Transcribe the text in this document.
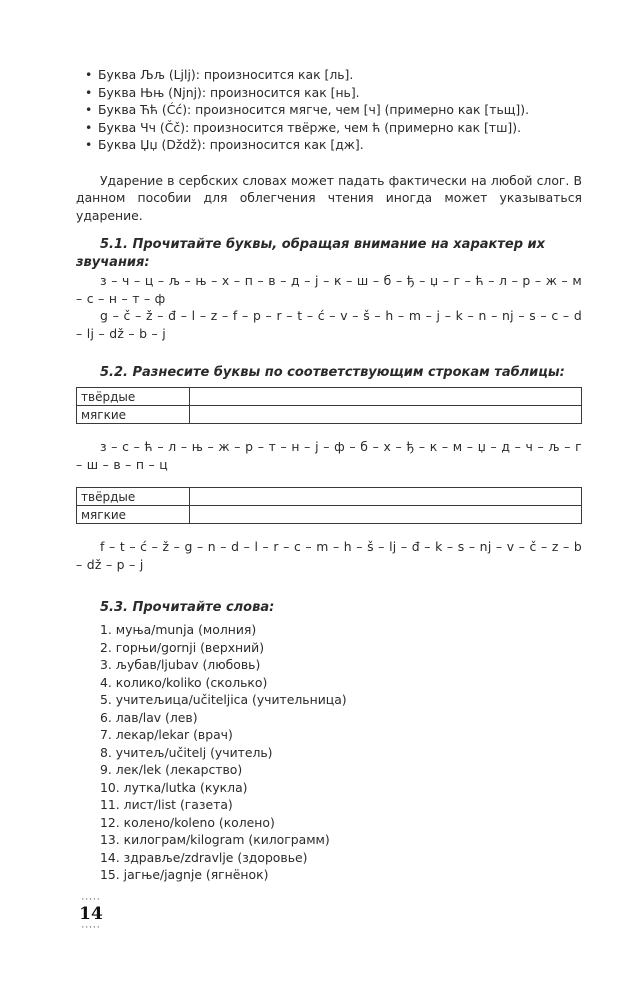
• Буква Љљ (Ljlj): произносится как [ль].
• Буква Њњ (Njnj): произносится как [нь].
• Буква Ћћ (Ćć): произносится мягче, чем [ч] (примерно как [тьщ]).
• Буква Чч (Čč): произносится твёрже, чем ћ (примерно как [тш]).
• Буква Џџ (Dždž): произносится как [дж].

Ударение в сербских словах может падать фактически на любой слог. В данном пособии для облегчения чтения иногда может указываться ударение.

5.1. Прочитайте буквы, обращая внимание на характер их звучания:

з – ч – ц – љ – њ – х – п – в – д – ј – к – ш – б – ђ – џ – г – ћ – л – р – ж – м – с – н – т – ф

g – č – ž – đ – l – z – f – p – r – t – ć – v – š – h – m – j – k – n – nj – s – c – d – lj – dž – b – j

5.2. Разнесите буквы по соответствующим строкам таблицы:
твёрдые	
мягкие	

з – с – ћ – л – њ – ж – р – т – н – ј – ф – б – х – ђ – к – м – џ – д – ч – љ – г – ш – в – п – ц

твёрдые	
мягкие	

f – t – ć – ž – g – n – d – l – r – c – m – h – š – lj – đ – k – s – nj – v – č – z – b – dž – p – j

5.3. Прочитайте слова:
1. муња/munja (молния)
2. горњи/gornji (верхний)
3. љубав/ljubav (любовь)
4. колико/koliko (сколько)
5. учитељица/učiteljica (учительница)
6. лав/lav (лев)
7. лекар/lekar (врач)
8. учитељ/učitelj (учитель)
9. лек/lek (лекарство)
10. лутка/lutka (кукла)
11. лист/list (газета)
12. колено/koleno (колено)
13. килограм/kilogram (килограмм)
14. здравље/zdravlje (здоровье)
15. јагње/jagnje (ягнёнок)
·····
14
·····
